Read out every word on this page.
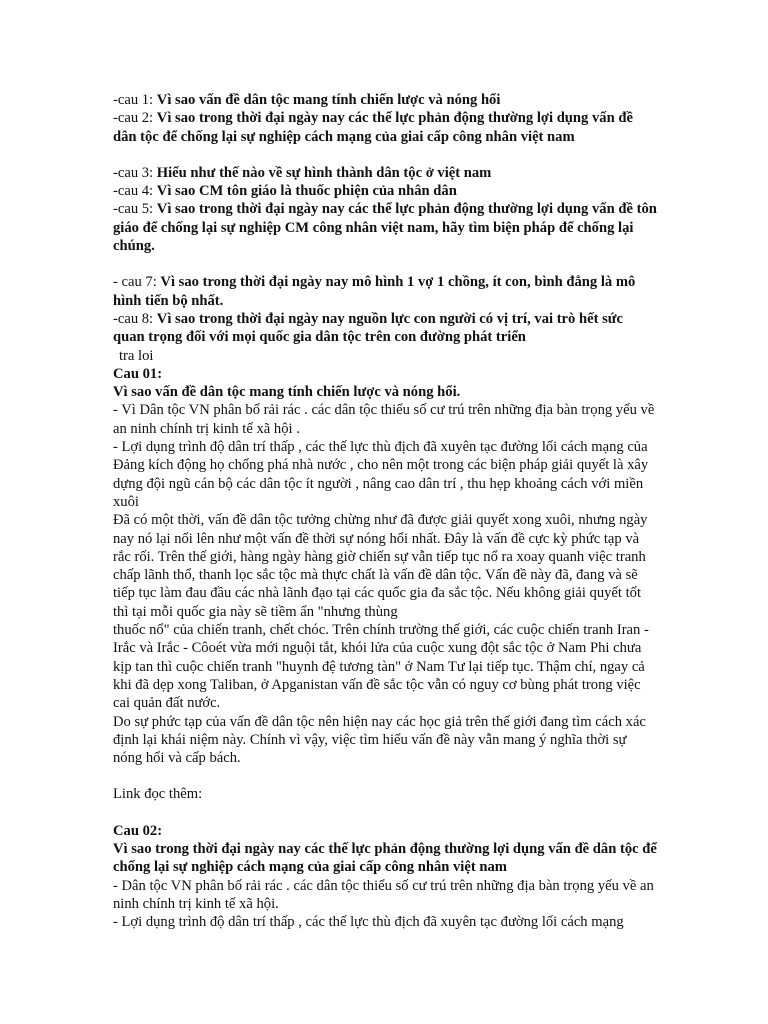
-cau 1: Vì sao vấn đề dân tộc mang tính chiến lược và nóng hổi

-cau 2: Vì sao trong thời đại ngày nay các thế lực phản động thường lợi dụng vấn đề dân tộc để chống lại sự nghiệp cách mạng của giai cấp công nhân việt nam

-cau 3: Hiểu như thế nào về sự hình thành dân tộc ở việt nam

-cau 4: Vì sao CM tôn giáo là thuốc phiện của nhân dân

-cau 5: Vì sao trong thời đại ngày nay các thế lực phản động thường lợi dụng vấn đề tôn giáo để chống lại sự nghiệp CM công nhân việt nam, hãy tìm biện pháp để chống lại chúng.

- cau 7: Vì sao trong thời đại ngày nay mô hình 1 vợ 1 chồng, ít con, bình đẳng là mô hình tiến bộ nhất.

-cau 8: Vì sao trong thời đại ngày nay nguồn lực con người có vị trí, vai trò hết sức quan trọng đối với mọi quốc gia dân tộc trên con đường phát triển

tra loi

Cau 01:

Vì sao vấn đề dân tộc mang tính chiến lược và nóng hổi.

- Vì Dân tộc VN phân bố rải rác . các dân tộc thiểu số cư trú trên những địa bàn trọng yếu về an ninh chính trị kinh tế xã hội .

- Lợi dụng trình độ dân trí thấp , các thế lực thù địch đã xuyên tạc đường lối cách mạng của Đảng kích động họ chống phá nhà nước , cho nên một trong các biện pháp giải quyết là xây dựng đội ngũ cán bộ các dân tộc ít người , nâng cao dân trí , thu hẹp khoảng cách với miền xuôi

Đã có một thời, vấn đề dân tộc tưởng chừng như đã được giải quyết xong xuôi, nhưng ngày nay nó lại nổi lên như một vấn đề thời sự nóng hổi nhất. Đây là vấn đề cực kỳ phức tạp và rắc rối. Trên thế giới, hàng ngày hàng giờ chiến sự vẫn tiếp tục nổ ra xoay quanh việc tranh chấp lãnh thổ, thanh lọc sắc tộc mà thực chất là vấn đề dân tộc. Vấn đề này đã, đang và sẽ tiếp tục làm đau đầu các nhà lãnh đạo tại các quốc gia đa sắc tộc. Nếu không giải quyết tốt thì tại mỗi quốc gia này sẽ tiềm ẩn "nhưng thùng

thuốc nổ" của chiến tranh, chết chóc. Trên chính trường thế giới, các cuộc chiến tranh Iran - Irắc và Irắc - Côoét vừa mới nguội tắt, khói lửa của cuộc xung đột sắc tộc ở Nam Phi chưa kịp tan thì cuộc chiến tranh "huynh đệ tương tàn" ở Nam Tư lại tiếp tục. Thậm chí, ngay cả khi đã dẹp xong Taliban, ở Apganistan vấn đề sắc tộc vẫn có nguy cơ bùng phát trong việc cai quản đất nước.

Do sự phức tạp của vấn đề dân tộc nên hiện nay các học giả trên thế giới đang tìm cách xác định lại khái niệm này. Chính vì vậy, việc tìm hiểu vấn đề này vẫn mang ý nghĩa thời sự nóng hổi và cấp bách.

Link đọc thêm:

Cau 02:

Vì sao trong thời đại ngày nay các thế lực phản động thường lợi dụng vấn đề dân tộc để chống lại sự nghiệp cách mạng của giai cấp công nhân việt nam

- Dân tộc VN phân bố rải rác . các dân tộc thiểu số cư trú trên những địa bàn trọng yếu về an ninh chính trị kinh tế xã hội.

- Lợi dụng trình độ dân trí thấp , các thế lực thù địch đã xuyên tạc đường lối cách mạng
